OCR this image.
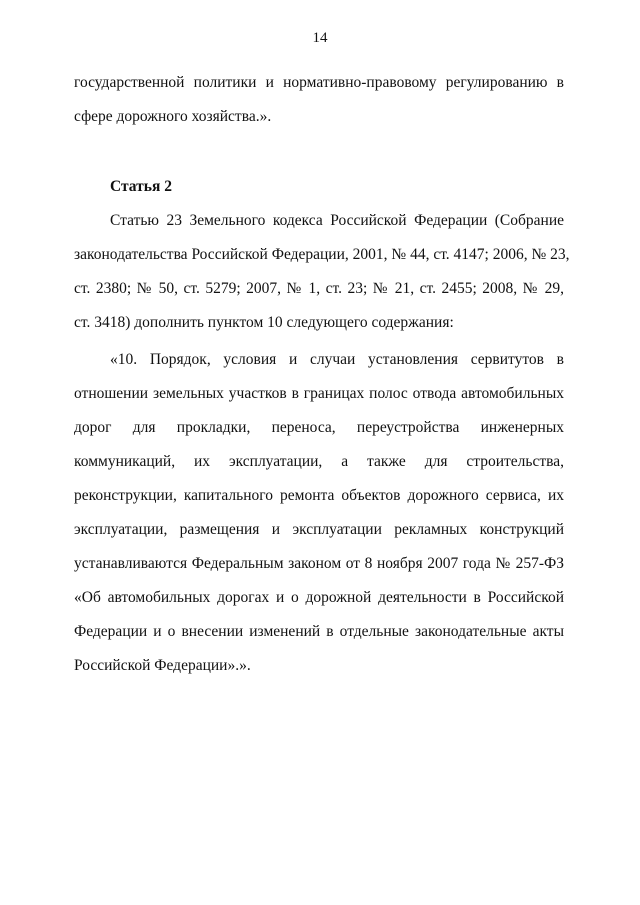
14
государственной политики и нормативно-правовому регулированию в
сфере дорожного хозяйства.».
Статья 2
Статью 23 Земельного кодекса Российской Федерации (Собрание
законодательства Российской Федерации, 2001, № 44, ст. 4147; 2006, № 23,
ст. 2380; № 50, ст. 5279; 2007, № 1, ст. 23; № 21, ст. 2455; 2008, № 29,
ст. 3418) дополнить пунктом 10 следующего содержания:
«10. Порядок, условия и случаи установления сервитутов в
отношении земельных участков в границах полос отвода автомобильных
дорог для прокладки, переноса, переустройства инженерных
коммуникаций, их эксплуатации, а также для строительства,
реконструкции, капитального ремонта объектов дорожного сервиса, их
эксплуатации, размещения и эксплуатации рекламных конструкций
устанавливаются Федеральным законом от 8 ноября 2007 года № 257-ФЗ
«Об автомобильных дорогах и о дорожной деятельности в Российской
Федерации и о внесении изменений в отдельные законодательные акты
Российской Федерации».».
